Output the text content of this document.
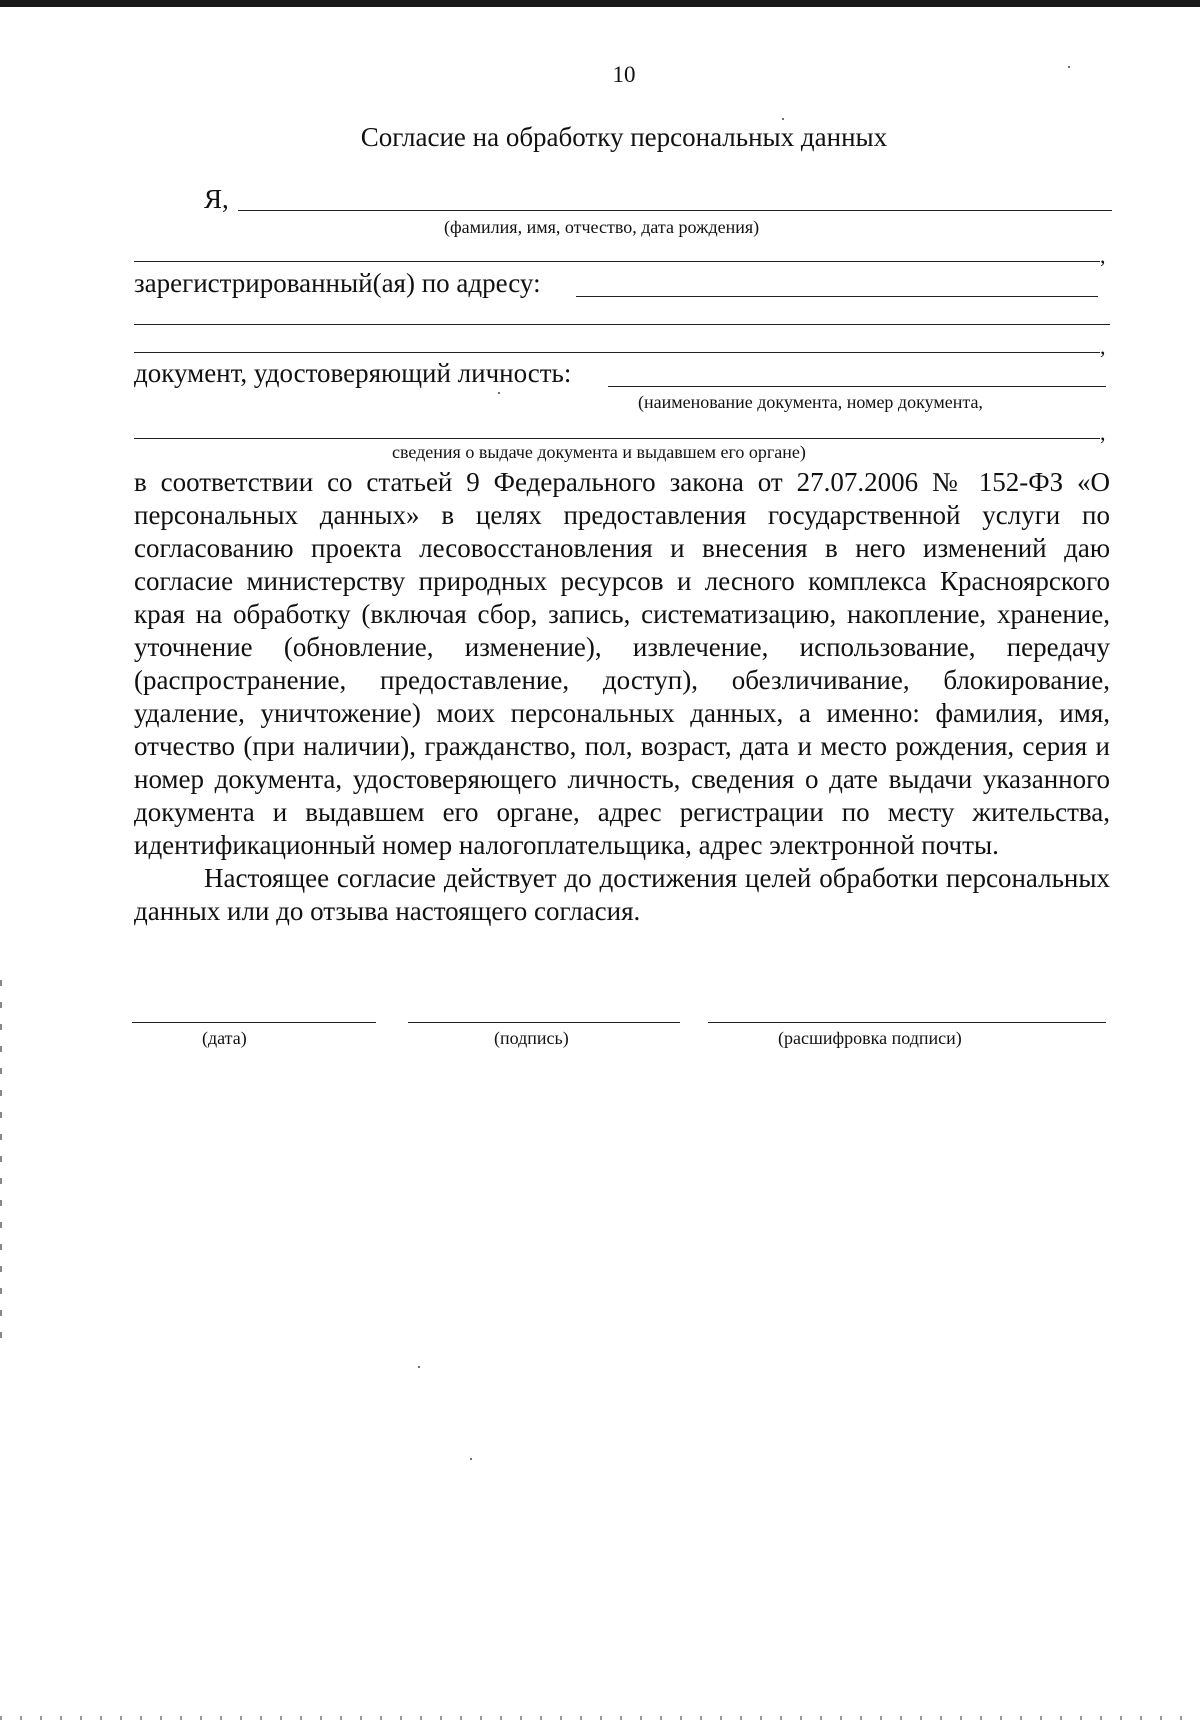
10
Согласие на обработку персональных данных
Я,
(фамилия, имя, отчество, дата рождения)
,
зарегистрированный(ая) по адресу:
,
документ, удостоверяющий личность:
(наименование документа, номер документа,
,
сведения о выдаче документа и выдавшем его органе)

в соответствии со статьей 9 Федерального закона от 27.07.2006 № 152-ФЗ «О персональных данных» в целях предоставления государственной услуги по согласованию проекта лесовосстановления и внесения в него изменений даю согласие министерству природных ресурсов и лесного комплекса Красноярского края на обработку (включая сбор, запись, систематизацию, накопление, хранение, уточнение (обновление, изменение), извлечение, использование, передачу (распространение, предоставление, доступ), обезличивание, блокирование, удаление, уничтожение) моих персональных данных, а именно: фамилия, имя, отчество (при наличии), гражданство, пол, возраст, дата и место рождения, серия и номер документа, удостоверяющего личность, сведения о дате выдачи указанного документа и выдавшем его органе, адрес регистрации по месту жительства, идентификационный номер налогоплательщика, адрес электронной почты.

Настоящее согласие действует до достижения целей обработки персональных данных или до отзыва настоящего согласия.

(дата)	(подпись)	(расшифровка подписи)
